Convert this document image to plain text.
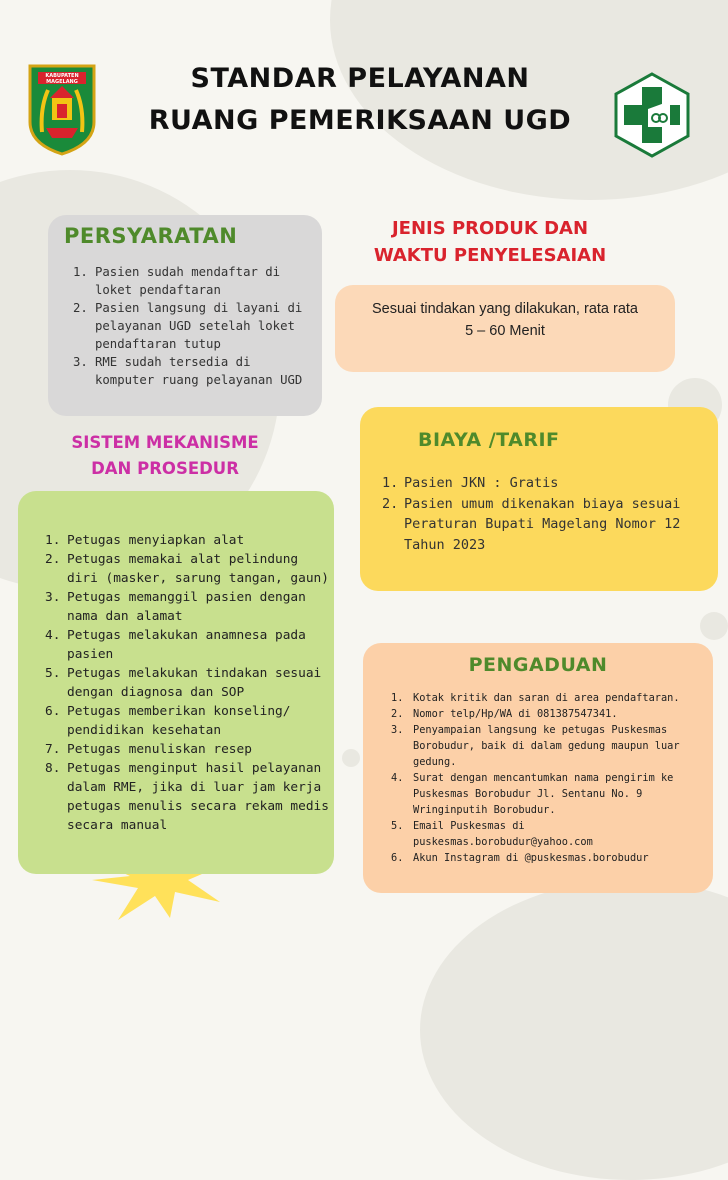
KABUPATEN
MAGELANG	STANDAR PELAYANAN
RUANG PEMERIKSAAN UGD
PERSYARATAN
1. Pasien sudah mendaftar di loket pendaftaran
2. Pasien langsung di layani di pelayanan UGD setelah loket pendaftaran tutup
3. RME sudah tersedia di komputer ruang pelayanan UGD
JENIS PRODUK DAN
WAKTU PENYELESAIAN
Sesuai tindakan yang dilakukan, rata rata
5 – 60 Menit
SISTEM MEKANISME
DAN PROSEDUR
BIAYA /TARIF
1. Pasien JKN : Gratis
2. Pasien umum dikenakan biaya sesuai Peraturan Bupati Magelang Nomor 12 Tahun 2023
1. Petugas menyiapkan alat
2. Petugas memakai alat pelindung diri (masker, sarung tangan, gaun)
3. Petugas memanggil pasien dengan nama dan alamat
4. Petugas melakukan anamnesa pada pasien
5. Petugas melakukan tindakan sesuai dengan diagnosa dan SOP
6. Petugas memberikan konseling/ pendidikan kesehatan
7. Petugas menuliskan resep
8. Petugas menginput hasil pelayanan dalam RME, jika di luar jam kerja petugas menulis secara rekam medis secara manual
PENGADUAN
1. Kotak kritik dan saran di area pendaftaran.
2. Nomor telp/Hp/WA di 081387547341.
3. Penyampaian langsung ke petugas Puskesmas Borobudur, baik di dalam gedung maupun luar gedung.
4. Surat dengan mencantumkan nama pengirim ke Puskesmas Borobudur Jl. Sentanu No. 9 Wringinputih Borobudur.
5. Email Puskesmas di puskesmas.borobudur@yahoo.com
6. Akun Instagram di @puskesmas.borobudur
